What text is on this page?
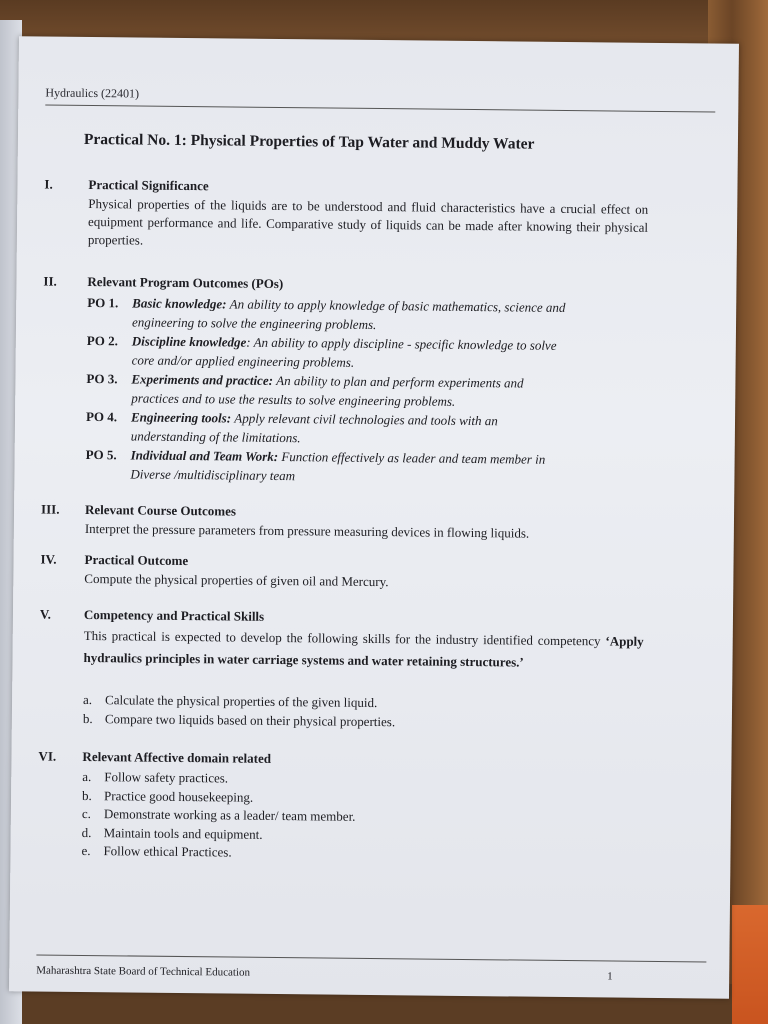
Hydraulics (22401)
Practical No. 1: Physical Properties of Tap Water and Muddy Water
I.	Practical Significance
Physical properties of the liquids are to be understood and fluid characteristics have a crucial effect on equipment performance and life. Comparative study of liquids can be made after knowing their physical properties.
II. Relevant Program Outcomes (POs)
PO 1. Basic knowledge: An ability to apply knowledge of basic mathematics, science and
engineering to solve the engineering problems.
PO 2. Discipline knowledge: An ability to apply discipline - specific knowledge to solve
core and/or applied engineering problems.
PO 3. Experiments and practice: An ability to plan and perform experiments and
practices and to use the results to solve engineering problems.
PO 4. Engineering tools: Apply relevant civil technologies and tools with an
understanding of the limitations.
PO 5. Individual and Team Work: Function effectively as leader and team member in
Diverse /multidisciplinary team
III. Relevant Course Outcomes
Interpret the pressure parameters from pressure measuring devices in flowing liquids.
IV. Practical Outcome
Compute the physical properties of given oil and Mercury.
V.	Competency and Practical Skills
This practical is expected to develop the following skills for the industry identified competency ‘Apply hydraulics principles in water carriage systems and water retaining structures.’
a. Calculate the physical properties of the given liquid.
b. Compare two liquids based on their physical properties.
VI. Relevant Affective domain related
a. Follow safety practices.
b. Practice good housekeeping.
c. Demonstrate working as a leader/ team member.
d. Maintain tools and equipment.
e. Follow ethical Practices.
Maharashtra State Board of Technical Education	1
